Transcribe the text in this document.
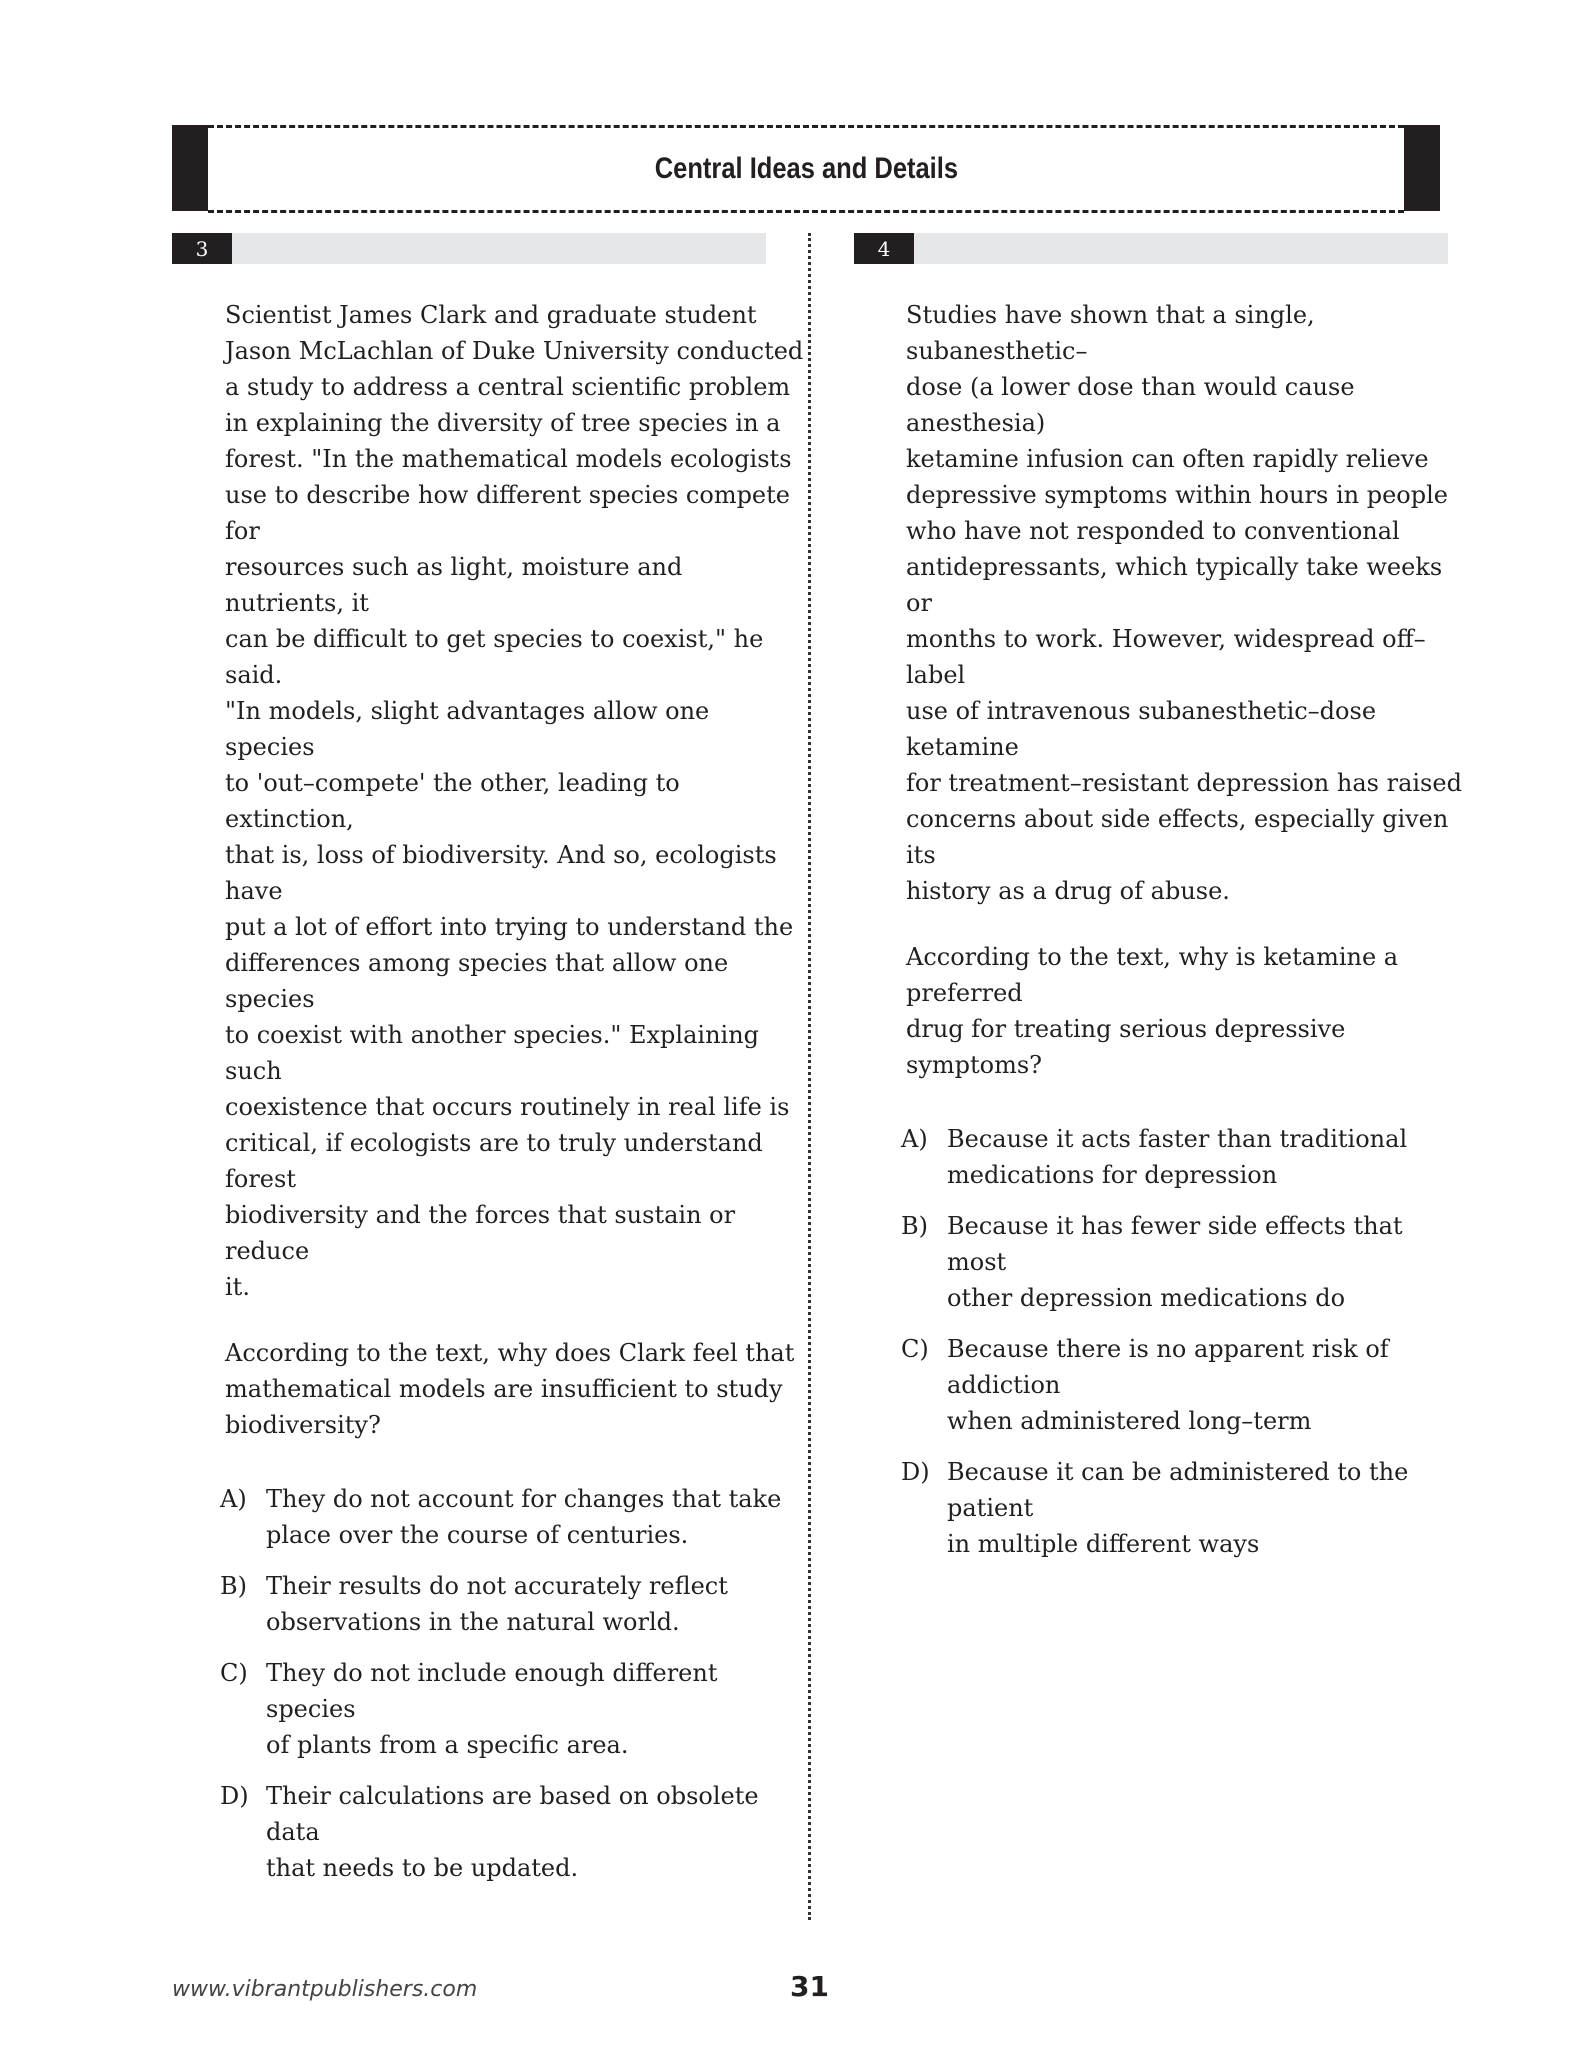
Central Ideas and Details
3	4

Scientist James Clark and graduate student
Jason McLachlan of Duke University conducted
a study to address a central scientific problem
in explaining the diversity of tree species in a
forest. "In the mathematical models ecologists
use to describe how different species compete for
resources such as light, moisture and nutrients, it
can be difficult to get species to coexist," he said.
"In models, slight advantages allow one species
to 'out–compete' the other, leading to extinction,
that is, loss of biodiversity. And so, ecologists have
put a lot of effort into trying to understand the
differences among species that allow one species
to coexist with another species." Explaining such
coexistence that occurs routinely in real life is
critical, if ecologists are to truly understand forest
biodiversity and the forces that sustain or reduce
it.

According to the text, why does Clark feel that
mathematical models are insufficient to study
biodiversity?

A) They do not account for changes that take
place over the course of centuries.
B) Their results do not accurately reflect
observations in the natural world.
C) They do not include enough different species
of plants from a specific area.
D) Their calculations are based on obsolete data
that needs to be updated.

Studies have shown that a single, subanesthetic–
dose (a lower dose than would cause anesthesia)
ketamine infusion can often rapidly relieve
depressive symptoms within hours in people
who have not responded to conventional
antidepressants, which typically take weeks or
months to work. However, widespread off–label
use of intravenous subanesthetic–dose ketamine
for treatment–resistant depression has raised
concerns about side effects, especially given its
history as a drug of abuse.

According to the text, why is ketamine a preferred
drug for treating serious depressive symptoms?

A) Because it acts faster than traditional
medications for depression
B) Because it has fewer side effects that most
other depression medications do
C) Because there is no apparent risk of addiction
when administered long–term
D) Because it can be administered to the patient
in multiple different ways
www.vibrantpublishers.com	31
